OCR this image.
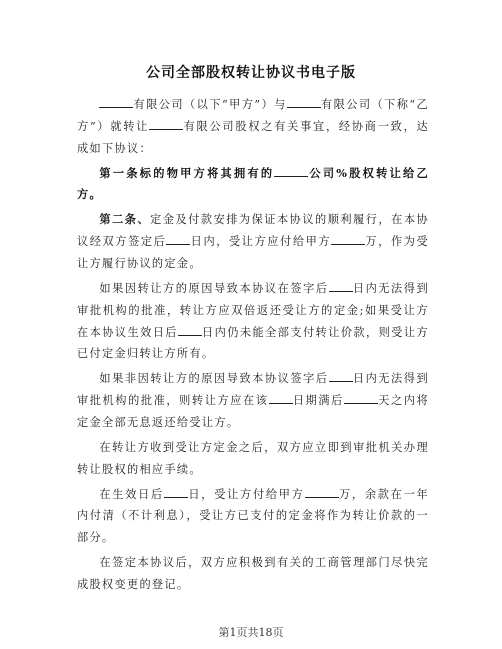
公司全部股权转让协议书电子版

有限公司（以下“甲方”）与	有限公司（下称“乙方”）就转让	有限公司股权之有关事宜，经协商一致，达成如下协议：

第一条标的物甲方将其拥有的	公司%股权转让给乙方。

第二条、定金及付款安排为保证本协议的顺利履行，在本协议经双方签定后 日内，受让方应付给甲方	万，作为受让方履行协议的定金。

如果因转让方的原因导致本协议在签字后 日内无法得到审批机构的批准，转让方应双倍返还受让方的定金;如果受让方在本协议生效日后 日内仍未能全部支付转让价款，则受让方已付定金归转让方所有。

如果非因转让方的原因导致本协议签字后 日内无法得到审批机构的批准，则转让方应在该 日期满后	天之内将定金全部无息返还给受让方。

在转让方收到受让方定金之后，双方应立即到审批机关办理转让股权的相应手续。

在生效日后 日，受让方付给甲方	万，余款在一年内付清（不计利息），受让方已支付的定金将作为转让价款的一部分。

在签定本协议后，双方应积极到有关的工商管理部门尽快完成股权变更的登记。

第1页共18页
